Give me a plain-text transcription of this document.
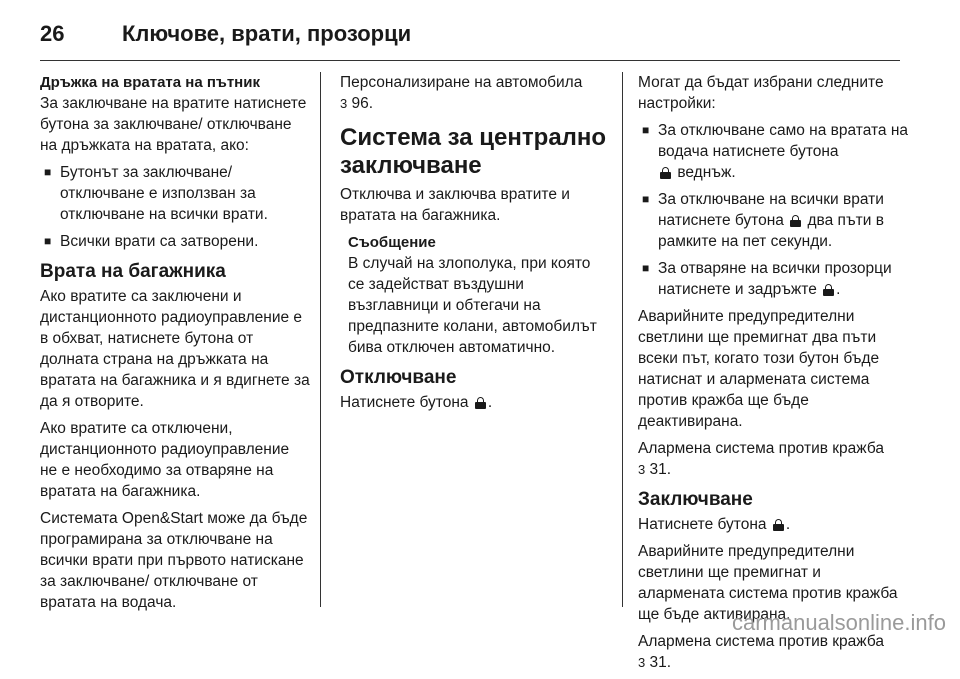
26	Ключове, врати, прозорци
Дръжка на вратата на пътник

За заключване на вратите натиснете бутона за заключване/ отключване на дръжката на вратата, ако:

■ Бутонът за заключване/ отключване е използван за отключване на всички врати.
■ Всички врати са затворени.
Врата на багажника

Ако вратите са заключени и дистанционното радиоуправление е в обхват, натиснете бутона от долната страна на дръжката на вратата на багажника и я вдигнете за да я отворите.

Ако вратите са отключени, дистанционното радиоуправление не е необходимо за отваряне на вратата на багажника.

Системата Open&Start може да бъде програмирана за отключване на всички врати при първото натискане за заключване/ отключване от вратата на водача.

Персонализиране на автомобила
3 96.

Система за централно заключване

Отключва и заключва вратите и вратата на багажника.

Съобщение
В случай на злополука, при която се задействат въздушни възглавници и обтегачи на предпазните колани, автомобилът бива отключен автоматично.
Отключване

Натиснете бутона .

Могат да бъдат избрани следните настройки:

■ За отключване само на вратата на водача натиснете бутона
веднъж.
■ За отключване на всички врати натиснете бутона два пъти в рамките на пет секунди.
■ За отваряне на всички прозорци натиснете и задръжте .

Аварийните предупредителни светлини ще премигнат два пъти всеки път, когато този бутон бъде натиснат и алармената система против кражба ще бъде деактивирана.

Алармена система против кражба
3 31.

Заключване

Натиснете бутона .

Аварийните предупредителни светлини ще премигнат и алармената система против кражба ще бъде активирана.

Алармена система против кражба
3 31.

carmanualsonline.info
